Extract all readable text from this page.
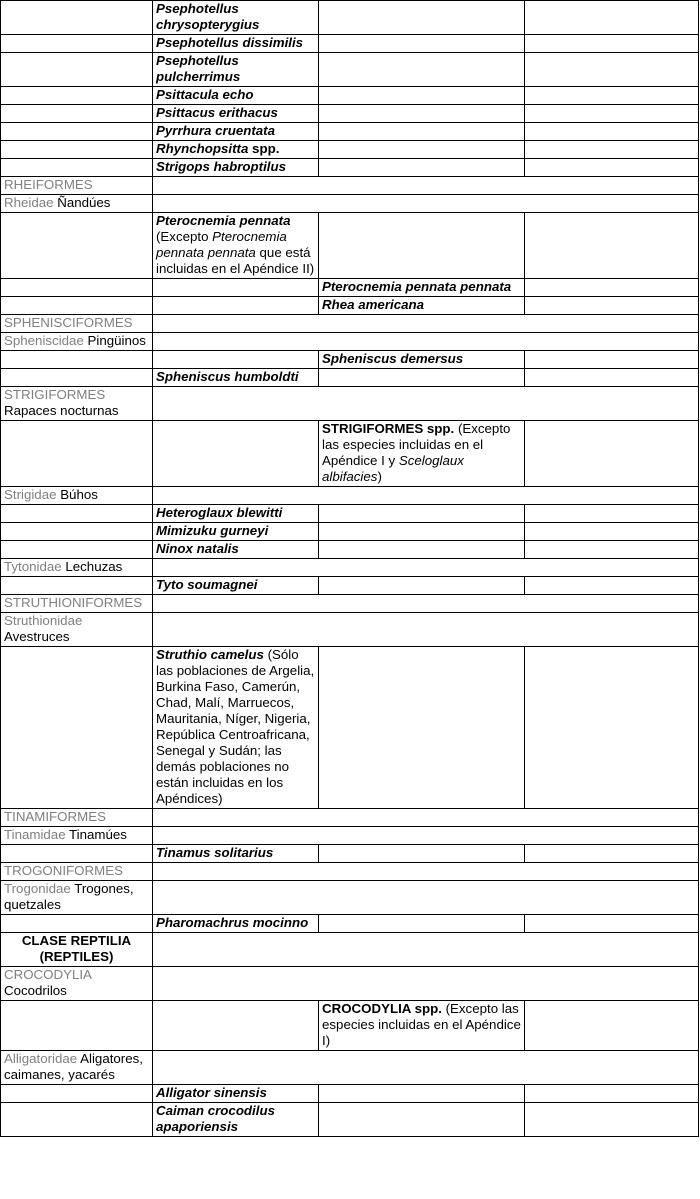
	Psephotellus chrysopterygius		
	Psephotellus dissimilis		
	Psephotellus pulcherrimus		
	Psittacula echo		
	Psittacus erithacus		
	Pyrrhura cruentata		
	Rhynchopsitta spp.		
	Strigops habroptilus		
RHEIFORMES			
Rheidae Ñandúes			
	Pterocnemia pennata (Excepto Pterocnemia pennata pennata que está incluidas en el Apéndice II)		
		Pterocnemia pennata pennata	
		Rhea americana	
SPHENISCIFORMES			
Spheniscidae Pingüinos			
		Spheniscus demersus	
	Spheniscus humboldti		
STRIGIFORMES Rapaces nocturnas			
		STRIGIFORMES spp. (Excepto las especies incluidas en el Apéndice I y Sceloglaux albifacies)	
Strigidae Búhos			
	Heteroglaux blewitti		
	Mimizuku gurneyi		
	Ninox natalis		
Tytonidae Lechuzas			
	Tyto soumagnei		
STRUTHIONIFORMES			
Struthionidae Avestruces			
	Struthio camelus (Sólo las poblaciones de Argelia, Burkina Faso, Camerún, Chad, Malí, Marruecos, Mauritania, Níger, Nigeria, República Centroafricana, Senegal y Sudán; las demás poblaciones no están incluidas en los Apéndices)		
TINAMIFORMES			
Tinamidae Tinamúes			
	Tinamus solitarius		
TROGONIFORMES			
Trogonidae Trogones, quetzales			
	Pharomachrus mocinno		
CLASE REPTILIA (REPTILES)			
CROCODYLIA Cocodrilos			
		CROCODYLIA spp. (Excepto las especies incluidas en el Apéndice I)	
Alligatoridae Aligatores, caimanes, yacarés			
	Alligator sinensis		
	Caiman crocodilus apaporiensis		
